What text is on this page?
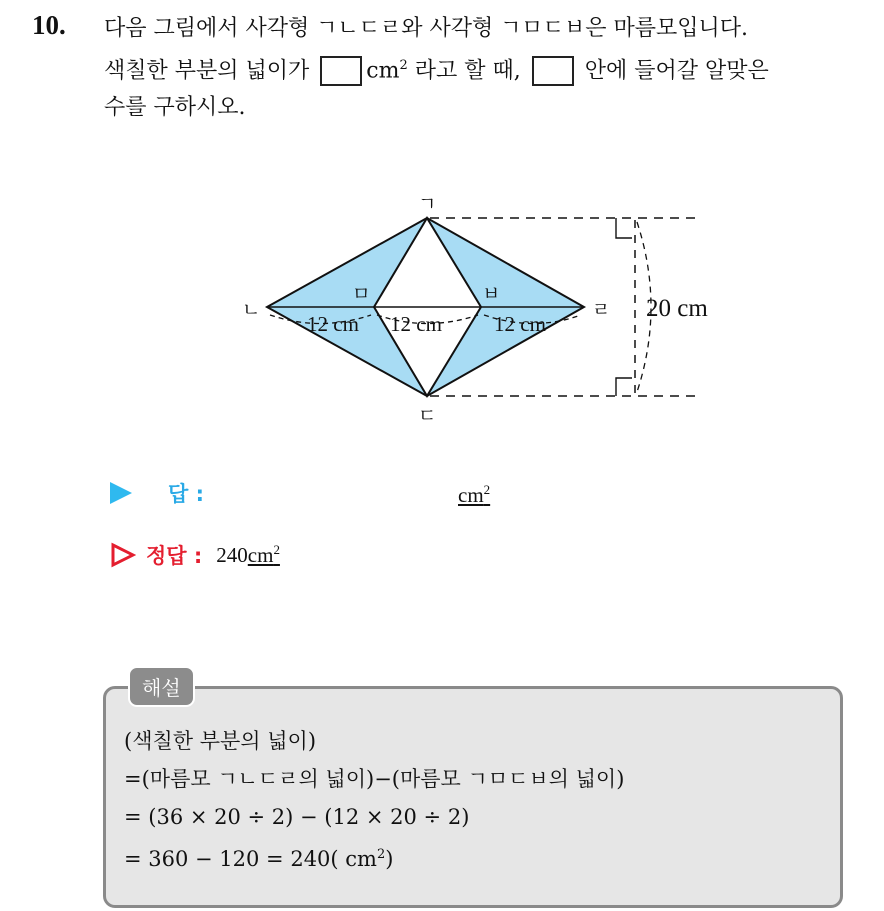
10. 다음 그림에서 사각형 ㄱㄴㄷㄹ와 사각형 ㄱㅁㄷㅂ은 마름모입니다.
색칠한 부분의 넓이가	$cm^2$ 라고 할 때,	안에 들어갈 알맞은
수를 구하시오.
ㄱ
ㄴ
ㄷ
ㄹ
ㅁ	ㅂ
12 cm 12 cm 12 cm
20 cm
답 :	$cm^2$
정답 : 240 $cm^2$
해설
(색칠한 부분의 넓이)
=(마름모 ㄱㄴㄷㄹ의 넓이)−(마름모 ㄱㅁㄷㅂ의 넓이)
= (36 × 20 ÷ 2) − (12 × 20 ÷ 2)
= 360 − 120 = 240( $cm^2$)
